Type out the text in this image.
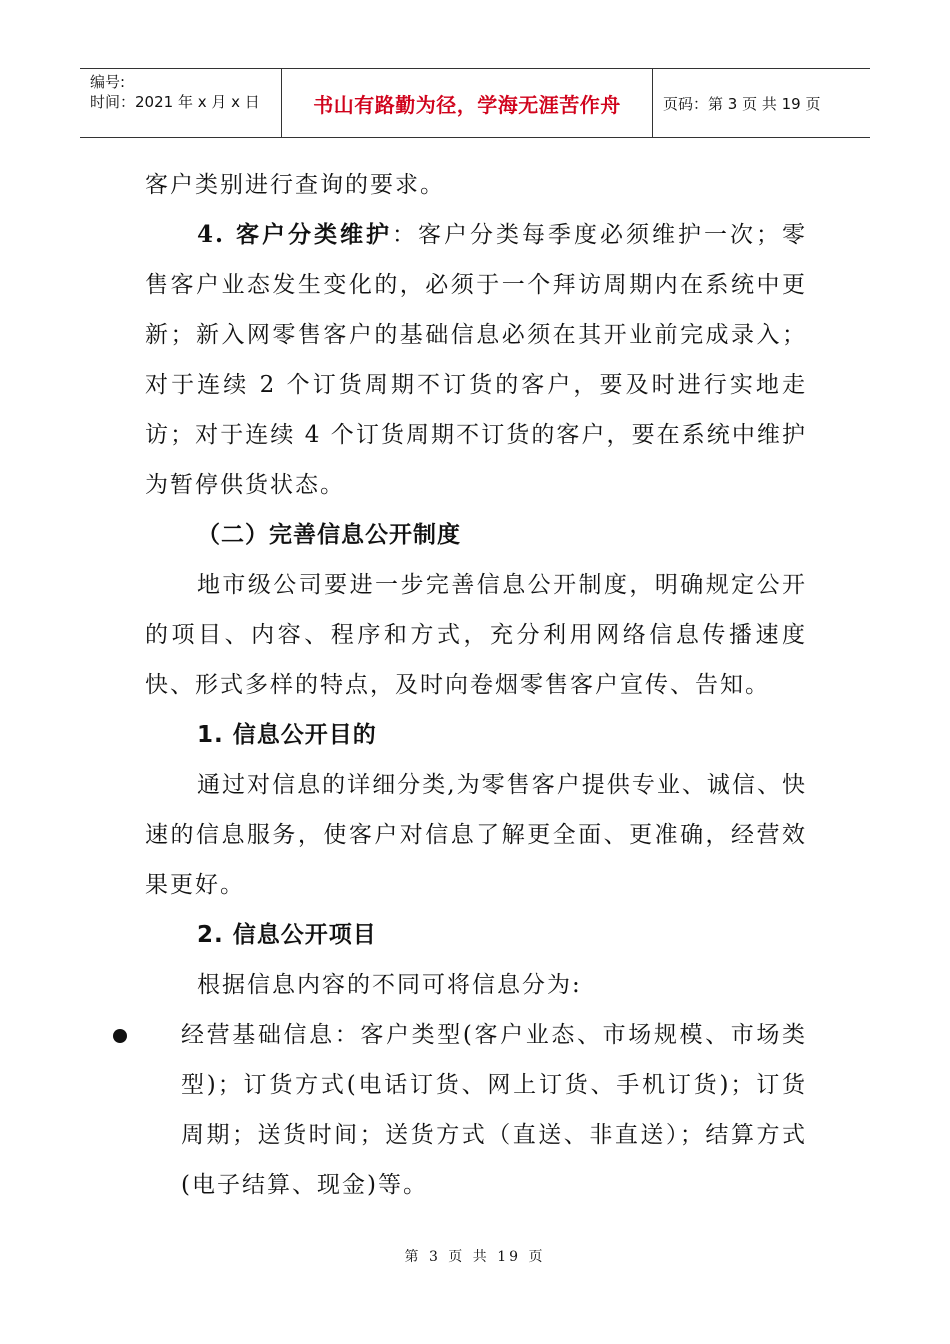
编号:
时间：2021 年 x 月 x 日	书山有路勤为径，学海无涯苦作舟	页码：第 3 页 共 19 页

客户类别进行查询的要求。

4. 客户分类维护：客户分类每季度必须维护一次；零售客户业态发生变化的，必须于一个拜访周期内在系统中更新；新入网零售客户的基础信息必须在其开业前完成录入；对于连续 2 个订货周期不订货的客户，要及时进行实地走访；对于连续 4 个订货周期不订货的客户，要在系统中维护为暂停供货状态。

（二）完善信息公开制度

地市级公司要进一步完善信息公开制度，明确规定公开的项目、内容、程序和方式，充分利用网络信息传播速度快、形式多样的特点，及时向卷烟零售客户宣传、告知。

1. 信息公开目的

通过对信息的详细分类,为零售客户提供专业、诚信、快速的信息服务，使客户对信息了解更全面、更准确，经营效果更好。

2. 信息公开项目

根据信息内容的不同可将信息分为:

经营基础信息：客户类型(客户业态、市场规模、市场类型)；订货方式(电话订货、网上订货、手机订货)；订货周期；送货时间；送货方式（直送、非直送）；结算方式(电子结算、现金)等。

第 3 页 共 19 页
